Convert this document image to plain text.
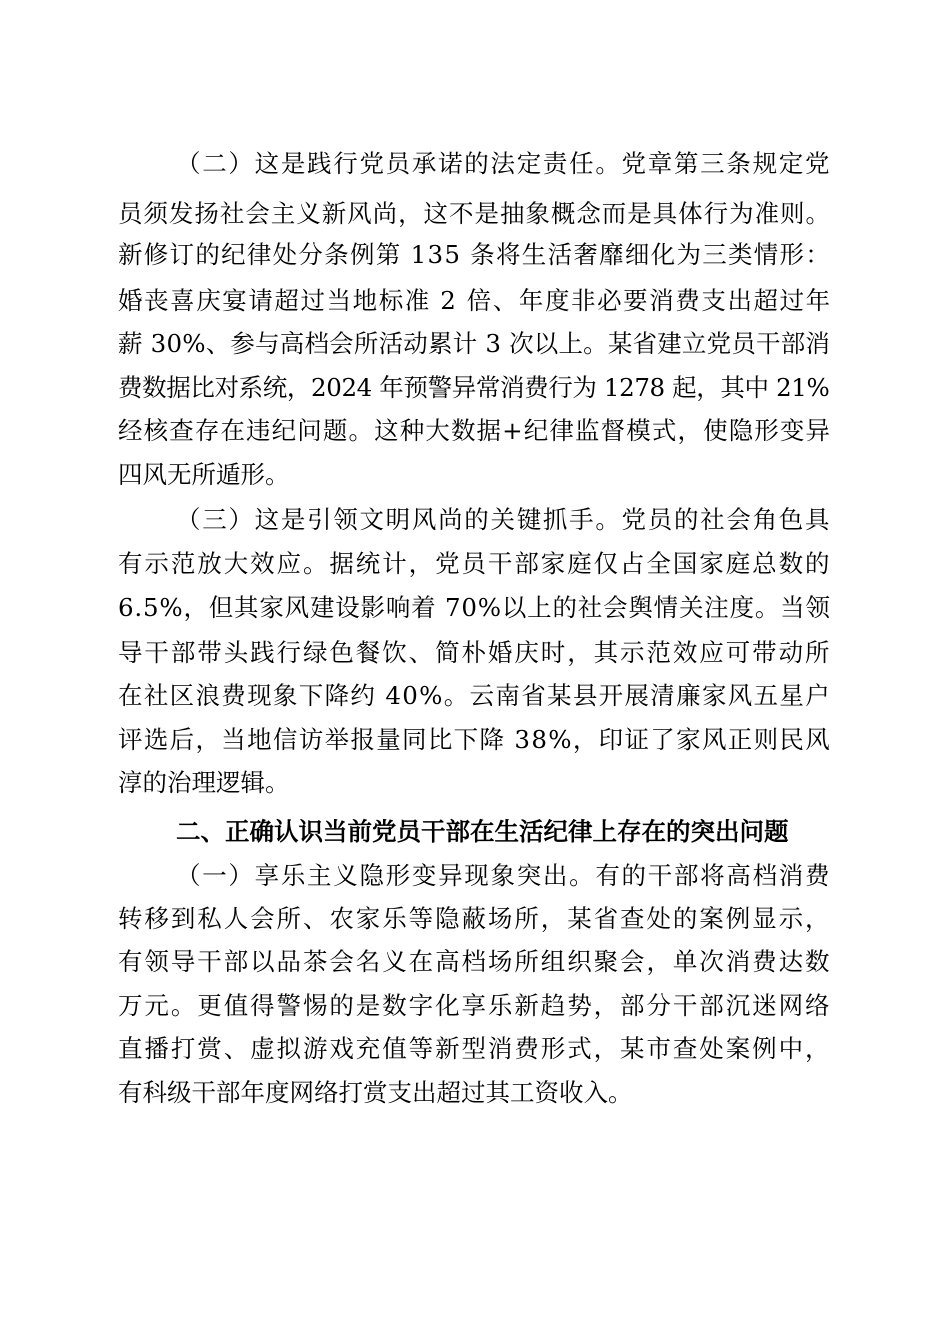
（二）这是践行党员承诺的法定责任。党章第三条规定党
员须发扬社会主义新风尚，这不是抽象概念而是具体行为准则。
新修订的纪律处分条例第 135 条将生活奢靡细化为三类情形：
婚丧喜庆宴请超过当地标准 2 倍、年度非必要消费支出超过年
薪 30%、参与高档会所活动累计 3 次以上。某省建立党员干部消
费数据比对系统，2024 年预警异常消费行为 1278 起，其中 21%
经核查存在违纪问题。这种大数据+纪律监督模式，使隐形变异
四风无所遁形。
（三）这是引领文明风尚的关键抓手。党员的社会角色具
有示范放大效应。据统计，党员干部家庭仅占全国家庭总数的
6.5%，但其家风建设影响着 70%以上的社会舆情关注度。当领
导干部带头践行绿色餐饮、简朴婚庆时，其示范效应可带动所
在社区浪费现象下降约 40%。云南省某县开展清廉家风五星户
评选后，当地信访举报量同比下降 38%，印证了家风正则民风
淳的治理逻辑。
二、正确认识当前党员干部在生活纪律上存在的突出问题
（一）享乐主义隐形变异现象突出。有的干部将高档消费
转移到私人会所、农家乐等隐蔽场所，某省查处的案例显示，
有领导干部以品茶会名义在高档场所组织聚会，单次消费达数
万元。更值得警惕的是数字化享乐新趋势，部分干部沉迷网络
直播打赏、虚拟游戏充值等新型消费形式，某市查处案例中，
有科级干部年度网络打赏支出超过其工资收入。
